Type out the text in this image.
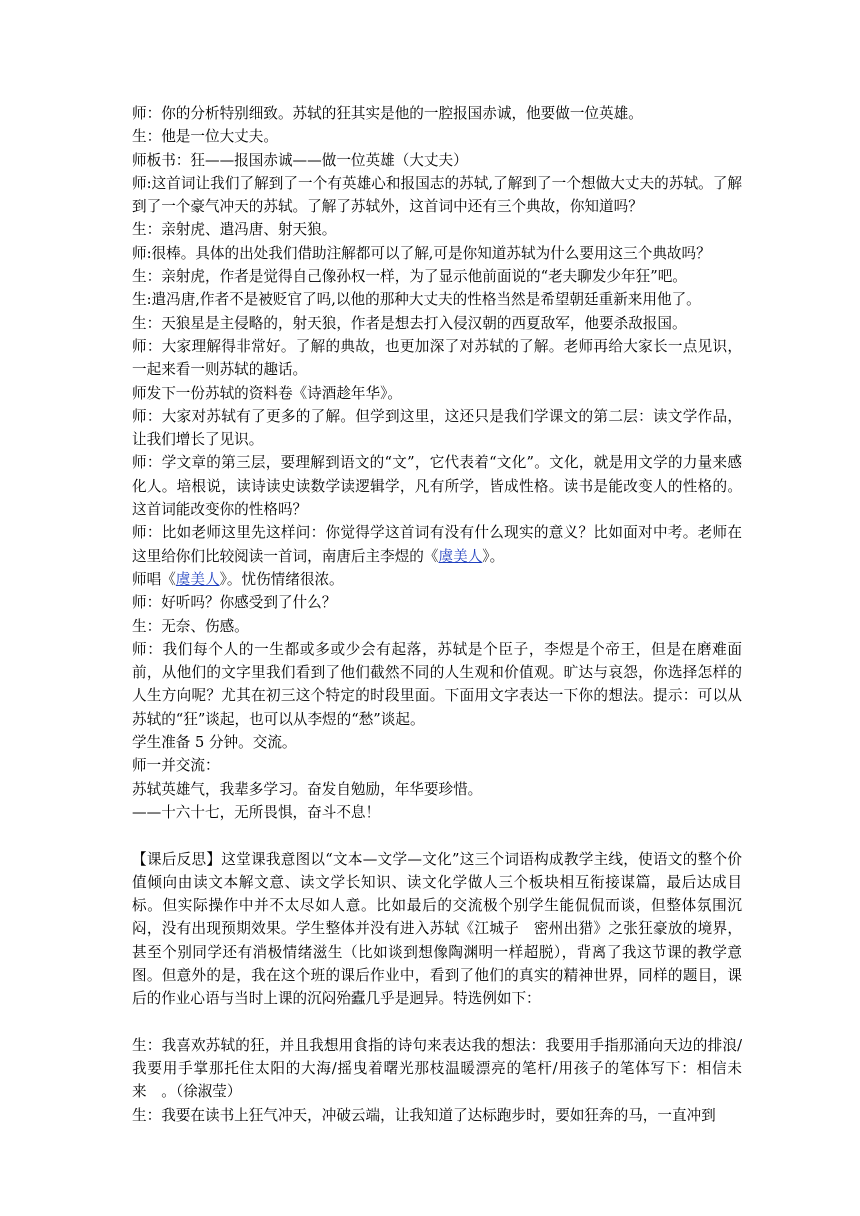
师：你的分析特别细致。苏轼的狂其实是他的一腔报国赤诚，他要做一位英雄。

生：他是一位大丈夫。

师板书：狂——报国赤诚——做一位英雄（大丈夫）

师:这首词让我们了解到了一个有英雄心和报国志的苏轼,了解到了一个想做大丈夫的苏轼。了解到了一个豪气冲天的苏轼。了解了苏轼外，这首词中还有三个典故，你知道吗？

生：亲射虎、遣冯唐、射天狼。

师:很棒。具体的出处我们借助注解都可以了解,可是你知道苏轼为什么要用这三个典故吗？

生：亲射虎，作者是觉得自己像孙权一样，为了显示他前面说的“老夫聊发少年狂”吧。

生:遣冯唐,作者不是被贬官了吗,以他的那种大丈夫的性格当然是希望朝廷重新来用他了。

生：天狼星是主侵略的，射天狼，作者是想去打入侵汉朝的西夏敌军，他要杀敌报国。

师：大家理解得非常好。了解的典故，也更加深了对苏轼的了解。老师再给大家长一点见识，一起来看一则苏轼的趣话。

师发下一份苏轼的资料卷《诗酒趁年华》。

师：大家对苏轼有了更多的了解。但学到这里，这还只是我们学课文的第二层：读文学作品，让我们增长了见识。

师：学文章的第三层，要理解到语文的“文”，它代表着“文化”。文化，就是用文学的力量来感化人。培根说，读诗读史读数学读逻辑学，凡有所学，皆成性格。读书是能改变人的性格的。这首词能改变你的性格吗？

师：比如老师这里先这样问：你觉得学这首词有没有什么现实的意义？比如面对中考。老师在这里给你们比较阅读一首词，南唐后主李煜的《虞美人》。

师唱《虞美人》。忧伤情绪很浓。

师：好听吗？你感受到了什么？

生：无奈、伤感。

师：我们每个人的一生都或多或少会有起落，苏轼是个臣子，李煜是个帝王，但是在磨难面前，从他们的文字里我们看到了他们截然不同的人生观和价值观。旷达与哀怨，你选择怎样的人生方向呢？尤其在初三这个特定的时段里面。下面用文字表达一下你的想法。提示：可以从苏轼的“狂”谈起，也可以从李煜的“愁”谈起。

学生准备 5 分钟。交流。

师一并交流：

苏轼英雄气，我辈多学习。奋发自勉励，年华要珍惜。

——十六十七，无所畏惧，奋斗不息！

【课后反思】这堂课我意图以“文本—文学—文化”这三个词语构成教学主线，使语文的整个价值倾向由读文本解文意、读文学长知识、读文化学做人三个板块相互衔接谋篇，最后达成目标。但实际操作中并不太尽如人意。比如最后的交流极个别学生能侃侃而谈，但整体氛围沉闷，没有出现预期效果。学生整体并没有进入苏轼《江城子　密州出猎》之张狂豪放的境界，甚至个别同学还有消极情绪滋生（比如谈到想像陶渊明一样超脱），背离了我这节课的教学意图。但意外的是，我在这个班的课后作业中，看到了他们的真实的精神世界，同样的题目，课后的作业心语与当时上课的沉闷殆蠹几乎是迥异。特选例如下：

生：我喜欢苏轼的狂，并且我想用食指的诗句来表达我的想法：我要用手指那涌向天边的排浪/我要用手掌那托住太阳的大海/摇曳着曙光那枝温暖漂亮的笔杆/用孩子的笔体写下：相信未来　。（徐淑莹）

生：我要在读书上狂气冲天，冲破云端，让我知道了达标跑步时，要如狂奔的马，一直冲到
